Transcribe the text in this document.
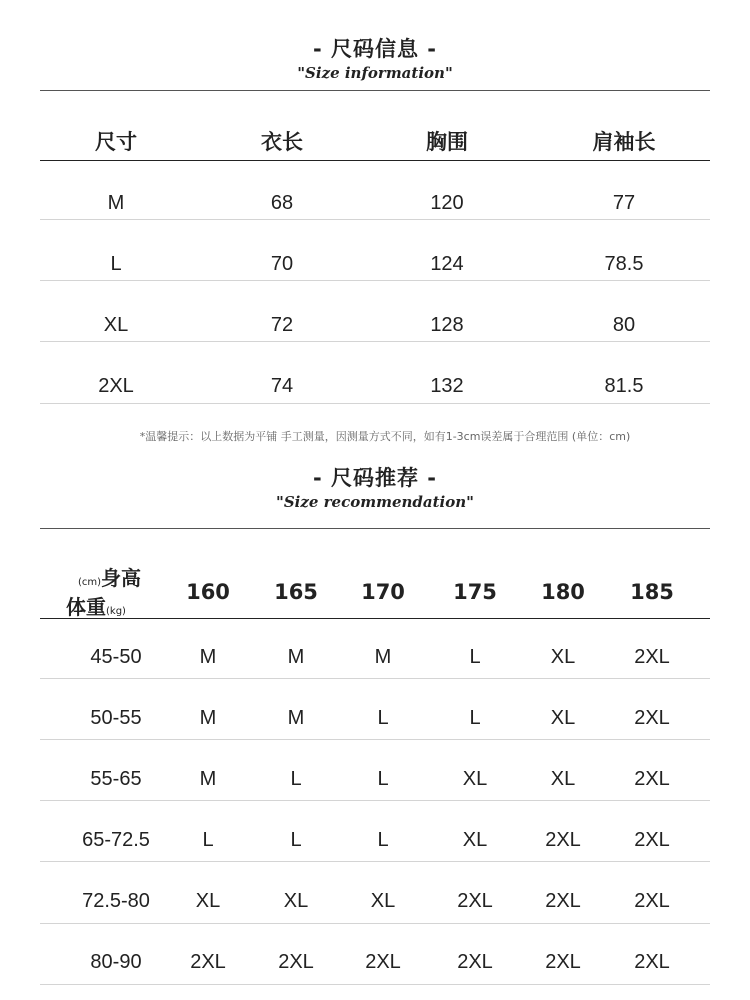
- 尺码信息 -
"Size information"
尺寸	衣长	胸围	肩袖长
M	68	120	77
L	70	124	78.5
XL	72	128	80
2XL	74	132	81.5
*温馨提示：以上数据为平铺 手工测量，因测量方式不同，如有1-3cm误差属于合理范围 (单位：cm)
- 尺码推荐 -
"Size recommendation"
(cm)身高
体重(kg)
160	165	170	175	180	185
45-50	M	M	M	L	XL	2XL
50-55	M	M	L	L	XL	2XL
55-65	M	L	L	XL	XL	2XL
65-72.5	L	L	L	XL	2XL	2XL
72.5-80	XL	XL	XL	2XL	2XL	2XL
80-90	2XL	2XL	2XL	2XL	2XL	2XL
